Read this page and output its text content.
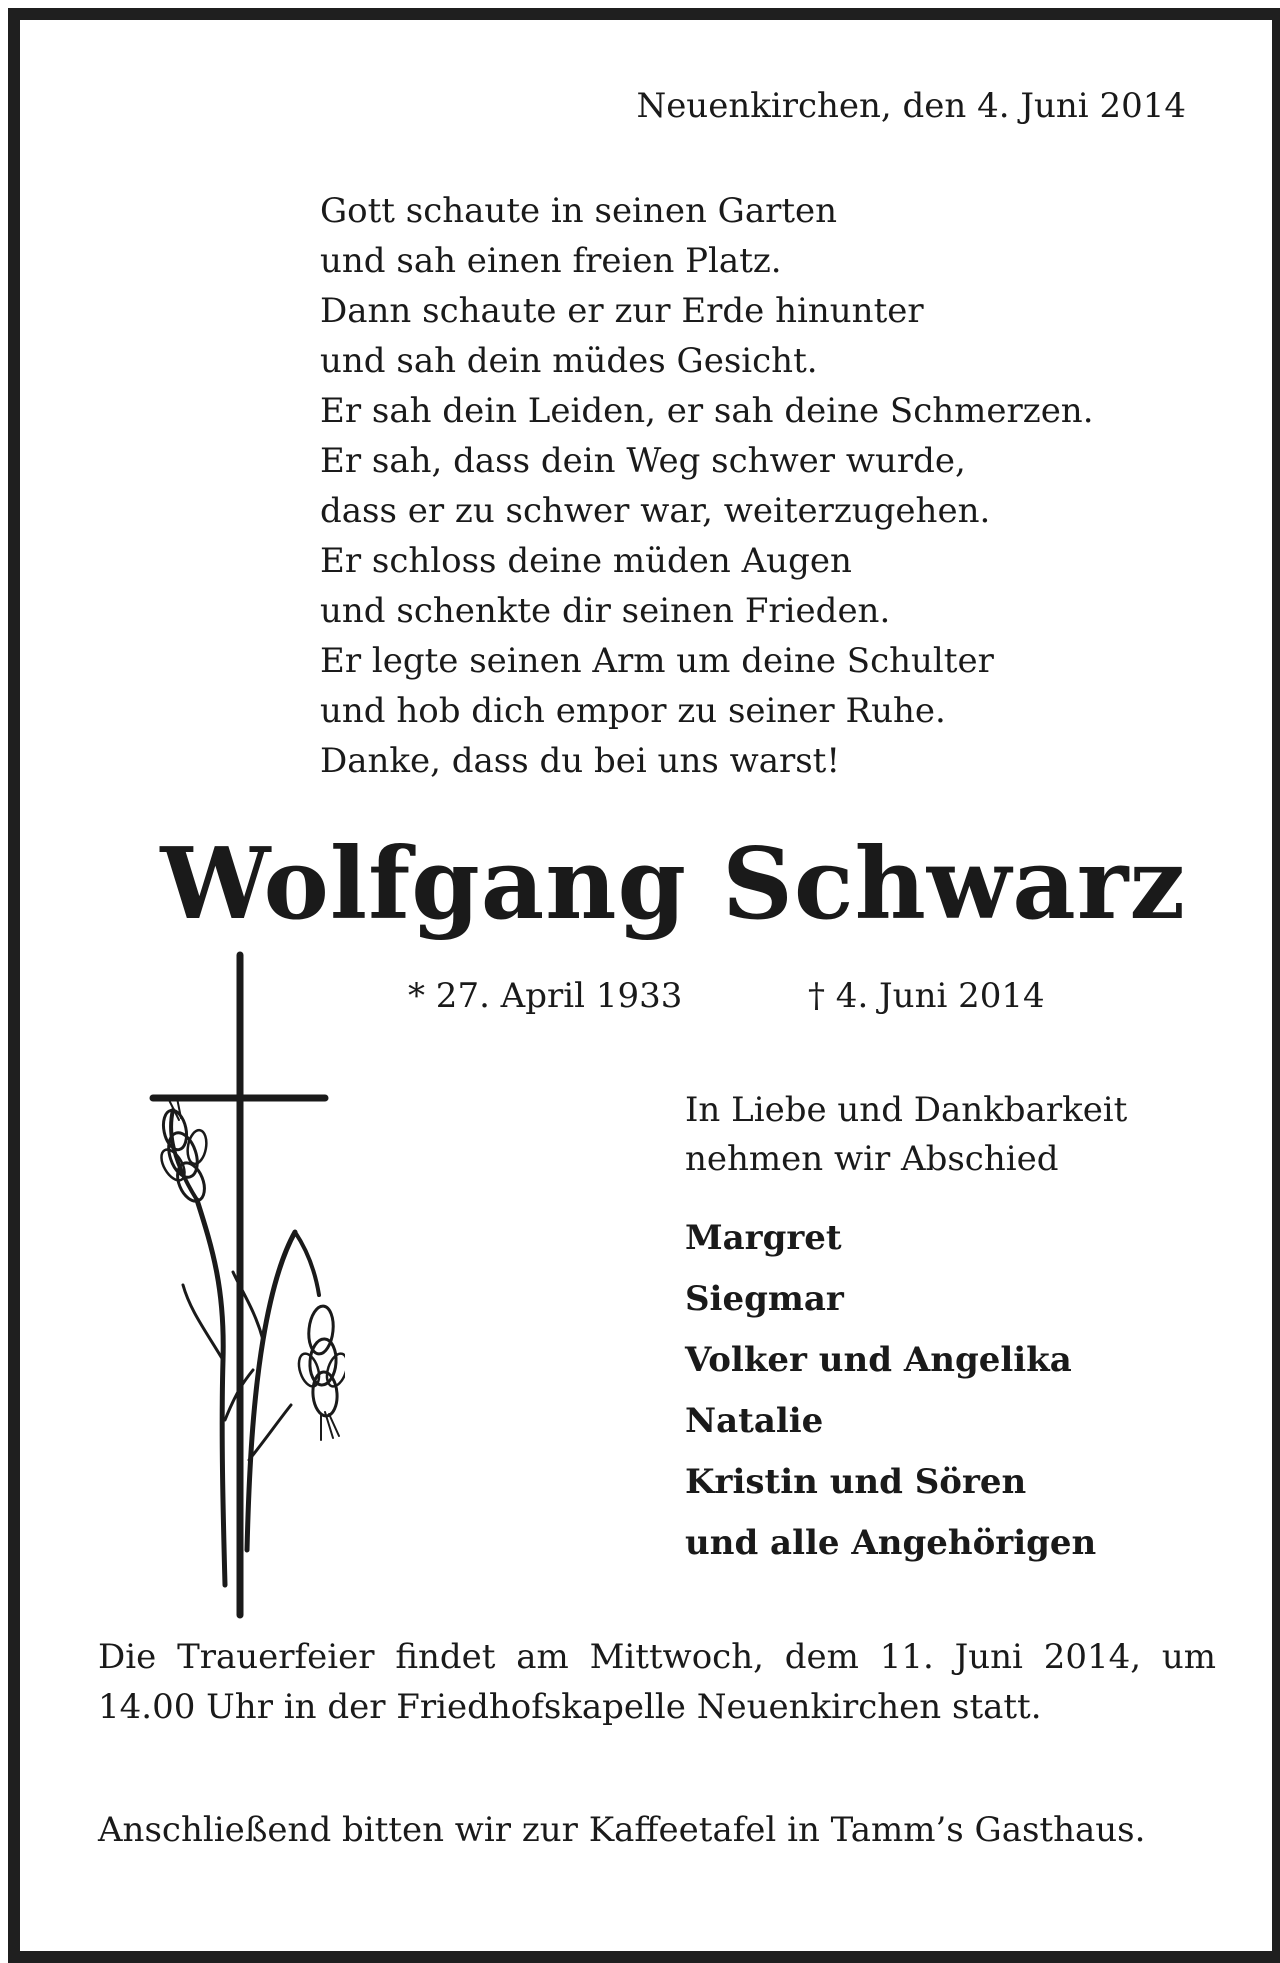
Neuenkirchen, den 4. Juni 2014
Gott schaute in seinen Garten
und sah einen freien Platz.
Dann schaute er zur Erde hinunter
und sah dein müdes Gesicht.
Er sah dein Leiden, er sah deine Schmerzen.
Er sah, dass dein Weg schwer wurde,
dass er zu schwer war, weiterzugehen.
Er schloss deine müden Augen
und schenkte dir seinen Frieden.
Er legte seinen Arm um deine Schulter
und hob dich empor zu seiner Ruhe.
Danke, dass du bei uns warst!
Wolfgang Schwarz
* 27. April 1933	† 4. Juni 2014
In Liebe und Dankbarkeit
nehmen wir Abschied
Margret
Siegmar
Volker und Angelika
Natalie
Kristin und Sören
und alle Angehörigen

Die Trauerfeier findet am Mittwoch, dem 11. Juni 2014, um 14.00 Uhr in der Friedhofskapelle Neuenkirchen statt.

Anschließend bitten wir zur Kaffeetafel in Tamm’s Gasthaus.
